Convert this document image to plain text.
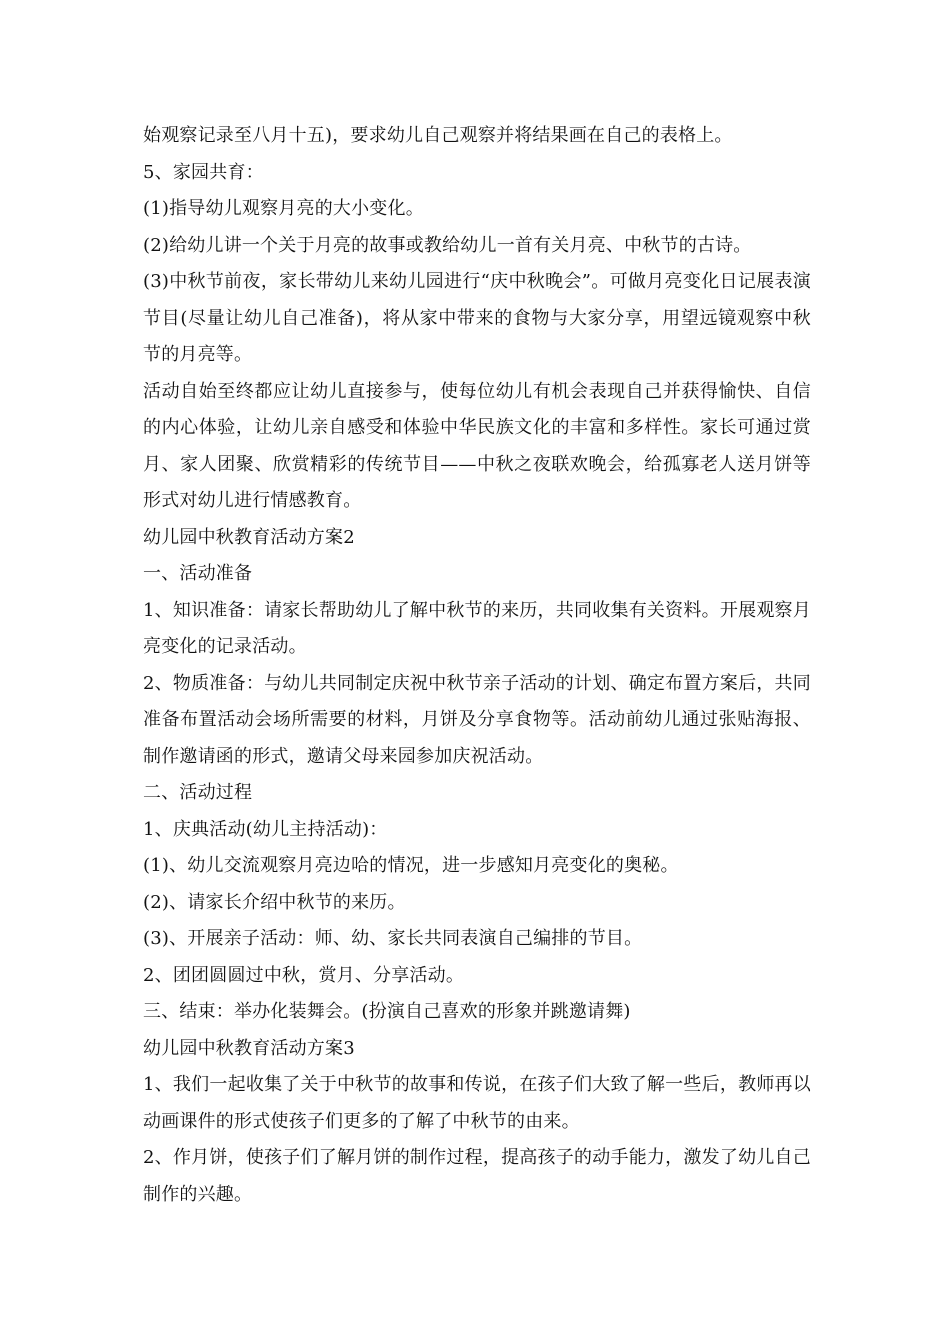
始观察记录至八月十五)，要求幼儿自己观察并将结果画在自己的表格上。

5、家园共育：

(1)指导幼儿观察月亮的大小变化。

(2)给幼儿讲一个关于月亮的故事或教给幼儿一首有关月亮、中秋节的古诗。

(3)中秋节前夜，家长带幼儿来幼儿园进行“庆中秋晚会”。可做月亮变化日记展表演节目(尽量让幼儿自己准备)，将从家中带来的食物与大家分享，用望远镜观察中秋节的月亮等。

活动自始至终都应让幼儿直接参与，使每位幼儿有机会表现自己并获得愉快、自信的内心体验，让幼儿亲自感受和体验中华民族文化的丰富和多样性。家长可通过赏月、家人团聚、欣赏精彩的传统节目——中秋之夜联欢晚会，给孤寡老人送月饼等形式对幼儿进行情感教育。

幼儿园中秋教育活动方案2

一、活动准备

1、知识准备：请家长帮助幼儿了解中秋节的来历，共同收集有关资料。开展观察月亮变化的记录活动。

2、物质准备：与幼儿共同制定庆祝中秋节亲子活动的计划、确定布置方案后，共同准备布置活动会场所需要的材料，月饼及分享食物等。活动前幼儿通过张贴海报、制作邀请函的形式，邀请父母来园参加庆祝活动。

二、活动过程

1、庆典活动(幼儿主持活动)：

(1)、幼儿交流观察月亮边哈的情况，进一步感知月亮变化的奥秘。

(2)、请家长介绍中秋节的来历。

(3)、开展亲子活动：师、幼、家长共同表演自己编排的节目。

2、团团圆圆过中秋，赏月、分享活动。

三、结束：举办化装舞会。(扮演自己喜欢的形象并跳邀请舞)

幼儿园中秋教育活动方案3

1、我们一起收集了关于中秋节的故事和传说，在孩子们大致了解一些后，教师再以动画课件的形式使孩子们更多的了解了中秋节的由来。

2、作月饼，使孩子们了解月饼的制作过程，提高孩子的动手能力，激发了幼儿自己制作的兴趣。
